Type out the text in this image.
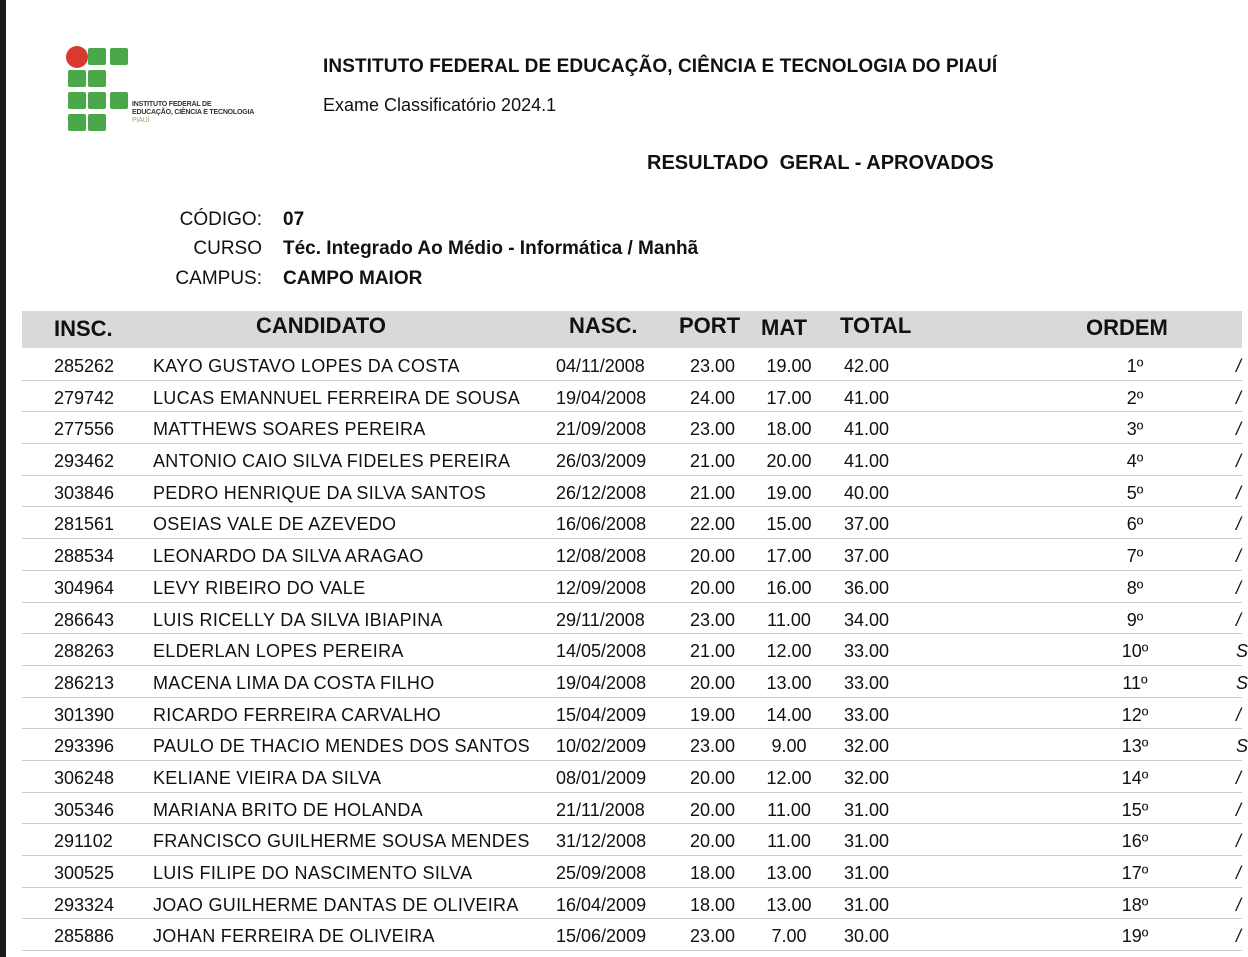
INSTITUTO FEDERAL DE
EDUCAÇÃO, CIÊNCIA E TECNOLOGIA
PIAUÍ
INSTITUTO FEDERAL DE EDUCAÇÃO, CIÊNCIA E TECNOLOGIA DO PIAUÍ
Exame Classificatório 2024.1
RESULTADO  GERAL - APROVADOS
CÓDIGO: 07
CURSO Téc. Integrado Ao Médio - Informática / Manhã
CAMPUS: CAMPO MAIOR
INSC.	CANDIDATO	NASC. PORT MAT TOTAL	ORDEM
285262 KAYO GUSTAVO LOPES DA COSTA	04/11/2008	23.00 19.00 42.00	1º	/
279742 LUCAS EMANNUEL FERREIRA DE SOUSA 19/04/2008 24.00 17.00 41.00	2º	/
277556 MATTHEWS SOARES PEREIRA	21/09/2008 23.00 18.00 41.00	3º	/
293462 ANTONIO CAIO SILVA FIDELES PEREIRA	26/03/2009 21.00 20.00 41.00	4º	/
303846 PEDRO HENRIQUE DA SILVA SANTOS	26/12/2008 21.00 19.00 40.00	5º	/
281561 OSEIAS VALE DE AZEVEDO	16/06/2008 22.00 15.00 37.00	6º	/
288534 LEONARDO DA SILVA ARAGAO	12/08/2008 20.00 17.00 37.00	7º	/
304964 LEVY RIBEIRO DO VALE	12/09/2008 20.00 16.00 36.00	8º	/
286643 LUIS RICELLY DA SILVA IBIAPINA	29/11/2008	23.00 11.00 34.00	9º	/
288263 ELDERLAN LOPES PEREIRA	14/05/2008 21.00 12.00 33.00	10º	S
286213 MACENA LIMA DA COSTA FILHO	19/04/2008 20.00 13.00 33.00	11º	S
301390 RICARDO FERREIRA CARVALHO	15/04/2009 19.00 14.00 33.00	12º	/
293396 PAULO DE THACIO MENDES DOS SANTOS 10/02/2009 23.00	9.00	32.00	13º	S
306248 KELIANE VIEIRA DA SILVA	08/01/2009 20.00 12.00 32.00	14º	/
305346 MARIANA BRITO DE HOLANDA	21/11/2008	20.00 11.00 31.00	15º	/
291102 FRANCISCO GUILHERME SOUSA MENDES 31/12/2008 20.00 11.00 31.00	16º	/
300525 LUIS FILIPE DO NASCIMENTO SILVA	25/09/2008 18.00 13.00 31.00	17º	/
293324 JOAO GUILHERME DANTAS DE OLIVEIRA 16/04/2009 18.00 13.00 31.00	18º	/
285886 JOHAN FERREIRA DE OLIVEIRA	15/06/2009 23.00	7.00	30.00	19º	/
